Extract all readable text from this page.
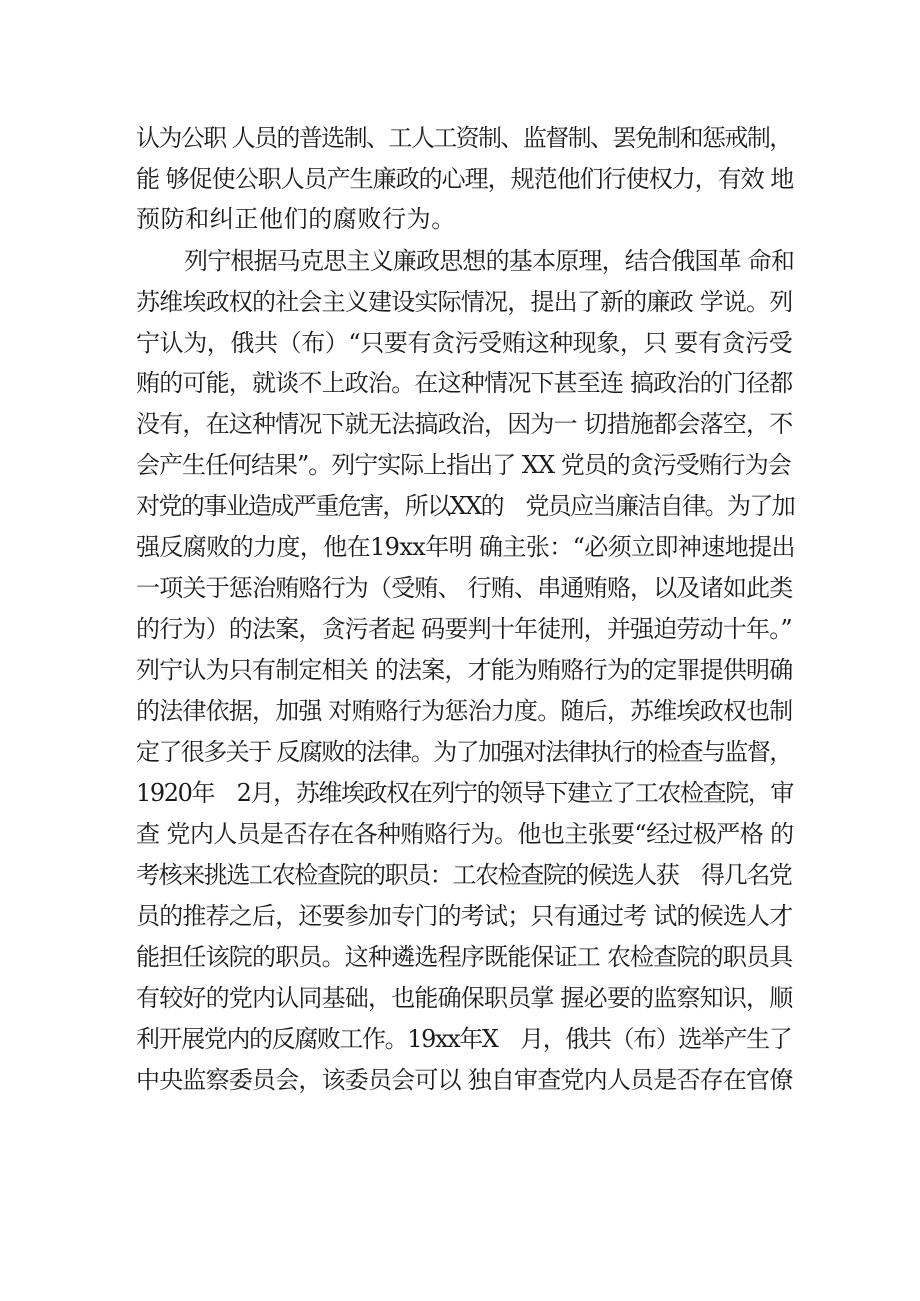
认为公职 人员的普选制、工人工资制、监督制、罢免制和惩戒制，

能 够促使公职人员产生廉政的心理，规范他们行使权力，有效 地

预防和纠正他们的腐败行为。

列宁根据马克思主义廉政思想的基本原理，结合俄国革 命和

苏维埃政权的社会主义建设实际情况，提出了新的廉政 学说。列

宁认为，俄共（布）“只要有贪污受贿这种现象，只 要有贪污受

贿的可能，就谈不上政治。在这种情况下甚至连 搞政治的门径都

没有，在这种情况下就无法搞政治，因为一 切措施都会落空，不

会产生任何结果”。列宁实际上指出了 XX 党员的贪污受贿行为会

对党的事业造成严重危害，所以XX的　党员应当廉洁自律。为了加

强反腐败的力度，他在19xx年明 确主张：“必须立即神速地提出

一项关于惩治贿赂行为（受贿、 行贿、串通贿赂，以及诸如此类

的行为）的法案，贪污者起 码要判十年徒刑，并强迫劳动十年。”

列宁认为只有制定相关 的法案，才能为贿赂行为的定罪提供明确

的法律依据，加强 对贿赂行为惩治力度。随后，苏维埃政权也制

定了很多关于 反腐败的法律。为了加强对法律执行的检查与监督，

1920年　2月，苏维埃政权在列宁的领导下建立了工农检查院，审

查 党内人员是否存在各种贿赂行为。他也主张要“经过极严格 的

考核来挑选工农检查院的职员：工农检查院的候选人获　得几名党

员的推荐之后，还要参加专门的考试；只有通过考 试的候选人才

能担任该院的职员。这种遴选程序既能保证工 农检查院的职员具

有较好的党内认同基础，也能确保职员掌 握必要的监察知识，顺

利开展党内的反腐败工作。19xx年X　月，俄共（布）选举产生了

中央监察委员会，该委员会可以 独自审查党内人员是否存在官僚
